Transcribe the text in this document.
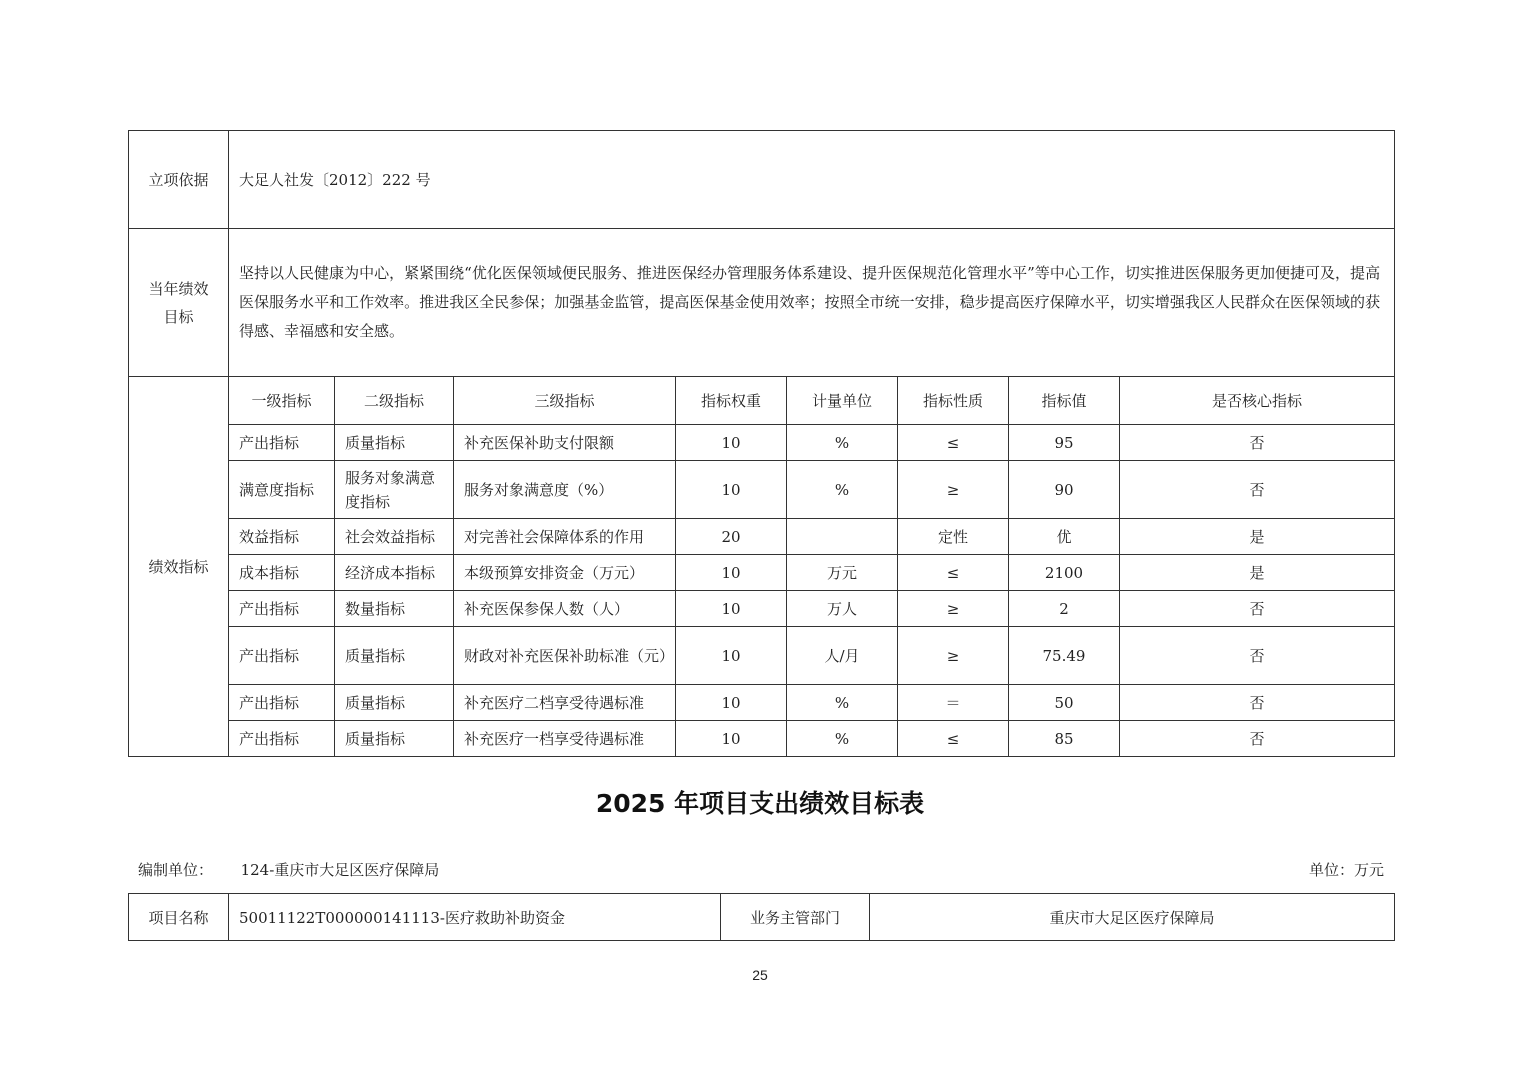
立项依据	大足人社发〔2012〕222 号							

当年绩效
目标	坚持以人民健康为中心，紧紧围绕“优化医保领域便民服务、推进医保经办管理服务体系建设、提升医保规范化管理水平”等中心工作，切实推进医保服务更加便捷可及，提高医保服务水平和工作效率。推进我区全民参保；加强基金监管，提高医保基金使用效率；按照全市统一安排，稳步提高医疗保障水平，切实增强我区人民群众在医保领域的获得感、幸福感和安全感。							

绩效指标	一级指标	二级指标	三级指标	指标权重	计量单位	指标性质	指标值	是否核心指标
	产出指标	质量指标	补充医保补助支付限额	10	%	≤	95	否
	满意度指标	服务对象满意度指标	服务对象满意度（%）	10	%	≥	90	否
	效益指标	社会效益指标	对完善社会保障体系的作用	20		定性	优	是
	成本指标	经济成本指标	本级预算安排资金（万元）	10	万元	≤	2100	是
	产出指标	数量指标	补充医保参保人数（人）	10	万人	≥	2	否
	产出指标	质量指标	财政对补充医保补助标准（元）	10	人/月	≥	75.49	否
	产出指标	质量指标	补充医疗二档享受待遇标准	10	%	＝	50	否
	产出指标	质量指标	补充医疗一档享受待遇标准	10	%	≤	85	否
2025 年项目支出绩效目标表
编制单位： 124-重庆市大足区医疗保障局	单位：万元
项目名称	50011122T000000141113-医疗救助补助资金	业务主管部门	重庆市大足区医疗保障局
25
